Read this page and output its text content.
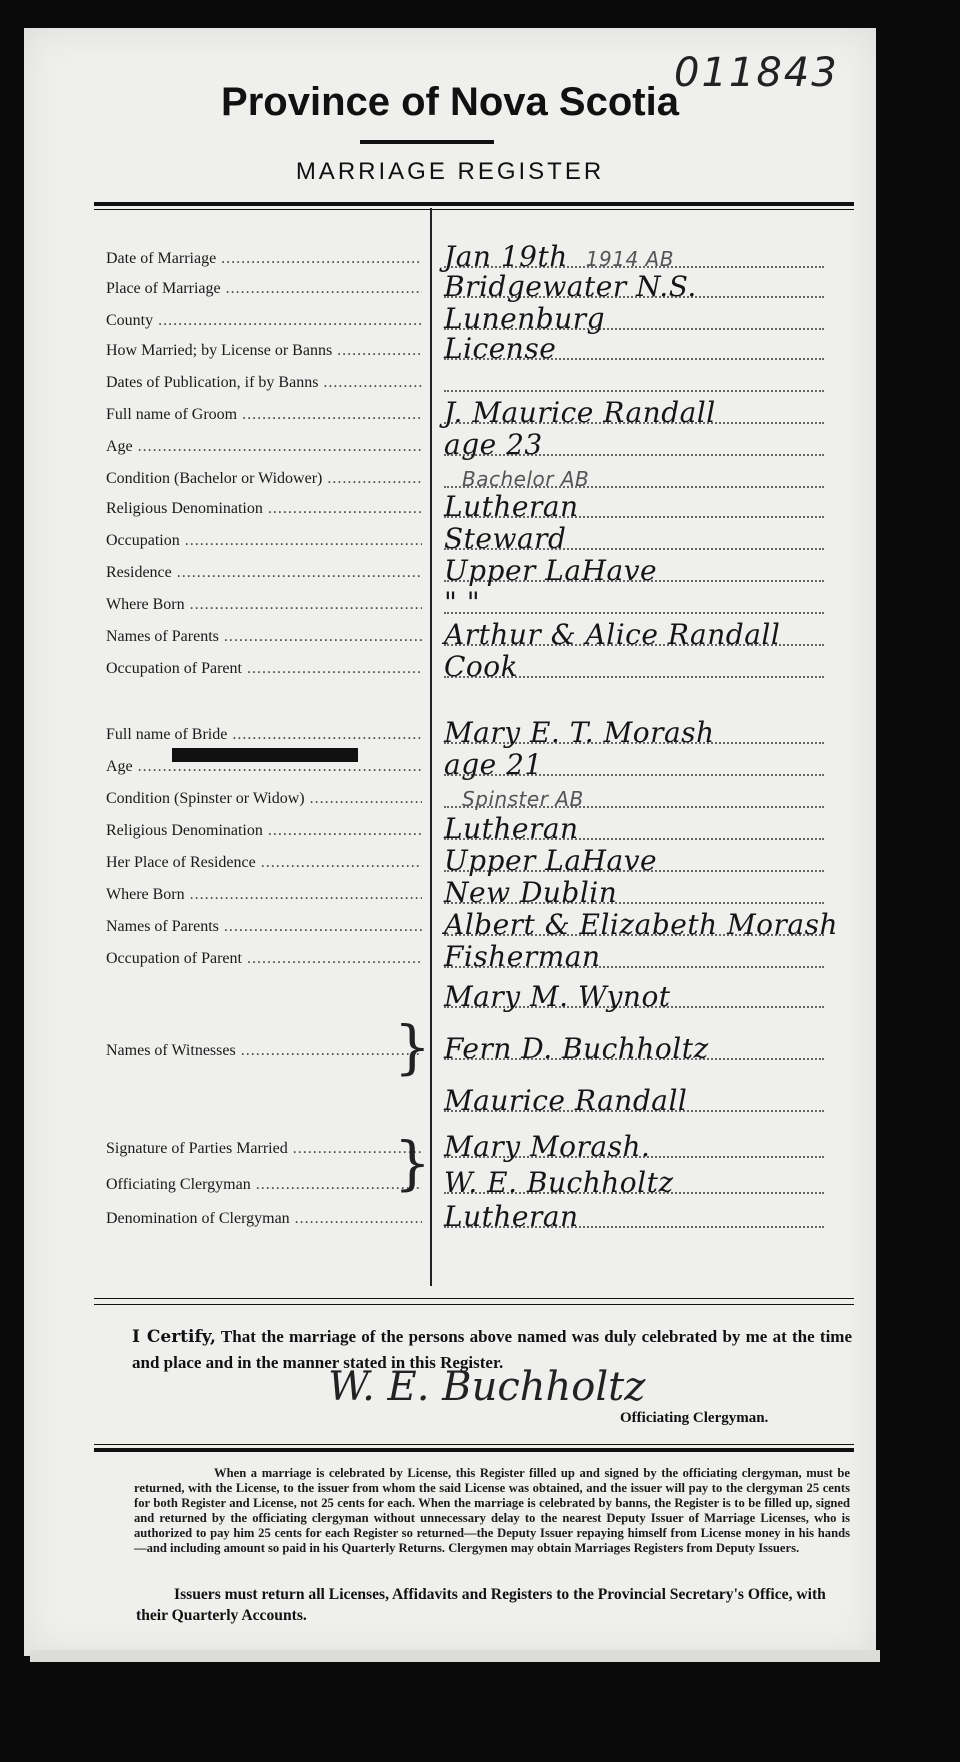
011843
Province of Nova Scotia
MARRIAGE REGISTER
Date of Marriage .....	Jan 19th 1914 AB
Place of Marriage .....	Bridgewater N.S.
County .....	Lunenburg
How Married; by License or Banns .....	License
Dates of Publication, if by Banns .....
Full name of Groom .....	J. Maurice Randall
Age .....	age 23
Condition (Bachelor or Widower) .....	Bachelor AB
Religious Denomination .....	Lutheran
Occupation .....	Steward
Residence .....	Upper LaHave
Where Born .....	" "
Names of Parents .....	Arthur & Alice Randall
Occupation of Parent .....	Cook
Full name of Bride .....	Mary E. T. Morash
Age .....	age 21
Condition (Spinster or Widow) .....	Spinster AB
Religious Denomination .....	Lutheran
Her Place of Residence .....	Upper LaHave
Where Born .....	New Dublin
Names of Parents .....	Albert & Elizabeth Morash
Occupation of Parent .....	Fisherman
Mary M. Wynot
Names of Witnesses .....	Fern D. Buchholtz
Maurice Randall
Signature of Parties Married .....	Mary Morash.
Officiating Clergyman .....	W. E. Buchholtz
Denomination of Clergyman .....	Lutheran
}
}
I Certify, That the marriage of the persons above named was duly celebrated by me at the time and place and in the manner stated in this Register.
W. E. Buchholtz
Officiating Clergyman.
When a marriage is celebrated by License, this Register filled up and signed by the officiating clergyman, must be returned, with the License, to the issuer from whom the said License was obtained, and the issuer will pay to the clergyman 25 cents for both Register and License, not 25 cents for each. When the marriage is celebrated by banns, the Register is to be filled up, signed and returned by the officiating clergyman without unnecessary delay to the nearest Deputy Issuer of Marriage Licenses, who is authorized to pay him 25 cents for each Register so returned—the Deputy Issuer repaying himself from License money in his hands—and including amount so paid in his Quarterly Returns. Clergymen may obtain Marriages Registers from Deputy Issuers.
Issuers must return all Licenses, Affidavits and Registers to the Provincial Secretary's Office, with their Quarterly Accounts.
